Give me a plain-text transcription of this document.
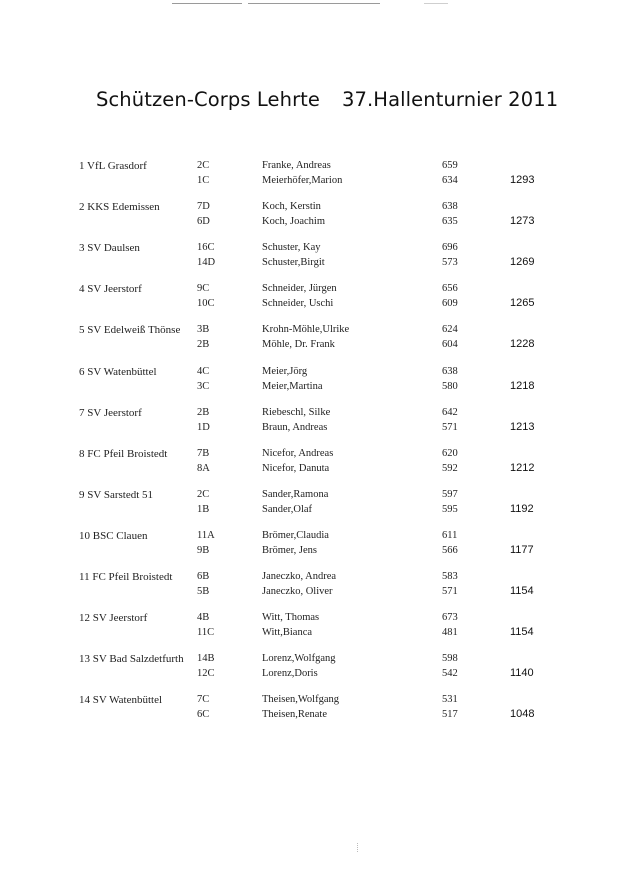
Schützen-Corps Lehrte 37.Hallenturnier 2011
1 VfL Grasdorf	2C	Franke, Andreas	659
1C	Meierhöfer,Marion	634	1293
2 KKS Edemissen	7D	Koch, Kerstin	638
6D	Koch, Joachim	635	1273
3 SV Daulsen	16C	Schuster, Kay	696
14D	Schuster,Birgit	573	1269
4 SV Jeerstorf	9C	Schneider, Jürgen	656
10C	Schneider, Uschi	609	1265
5 SV Edelweiß Thönse 3B	Krohn-Möhle,Ulrike	624
2B	Möhle, Dr. Frank	604	1228
6 SV Watenbüttel	4C	Meier,Jörg	638
3C	Meier,Martina	580	1218
7 SV Jeerstorf	2B	Riebeschl, Silke	642
1D	Braun, Andreas	571	1213
8 FC Pfeil Broistedt	7B	Nicefor, Andreas	620
8A	Nicefor, Danuta	592	1212
9 SV Sarstedt 51	2C	Sander,Ramona	597
1B	Sander,Olaf	595	1192
10 BSC Clauen	11A	Brömer,Claudia	611
9B	Brömer, Jens	566	1177
11 FC Pfeil Broistedt 6B	Janeczko, Andrea	583
5B	Janeczko, Oliver	571	1154
12 SV Jeerstorf	4B	Witt, Thomas	673
11C	Witt,Bianca	481	1154
13 SV Bad Salzdetfurth 14B	Lorenz,Wolfgang	598
12C	Lorenz,Doris	542	1140
14 SV Watenbüttel	7C	Theisen,Wolfgang	531
6C	Theisen,Renate	517	1048
